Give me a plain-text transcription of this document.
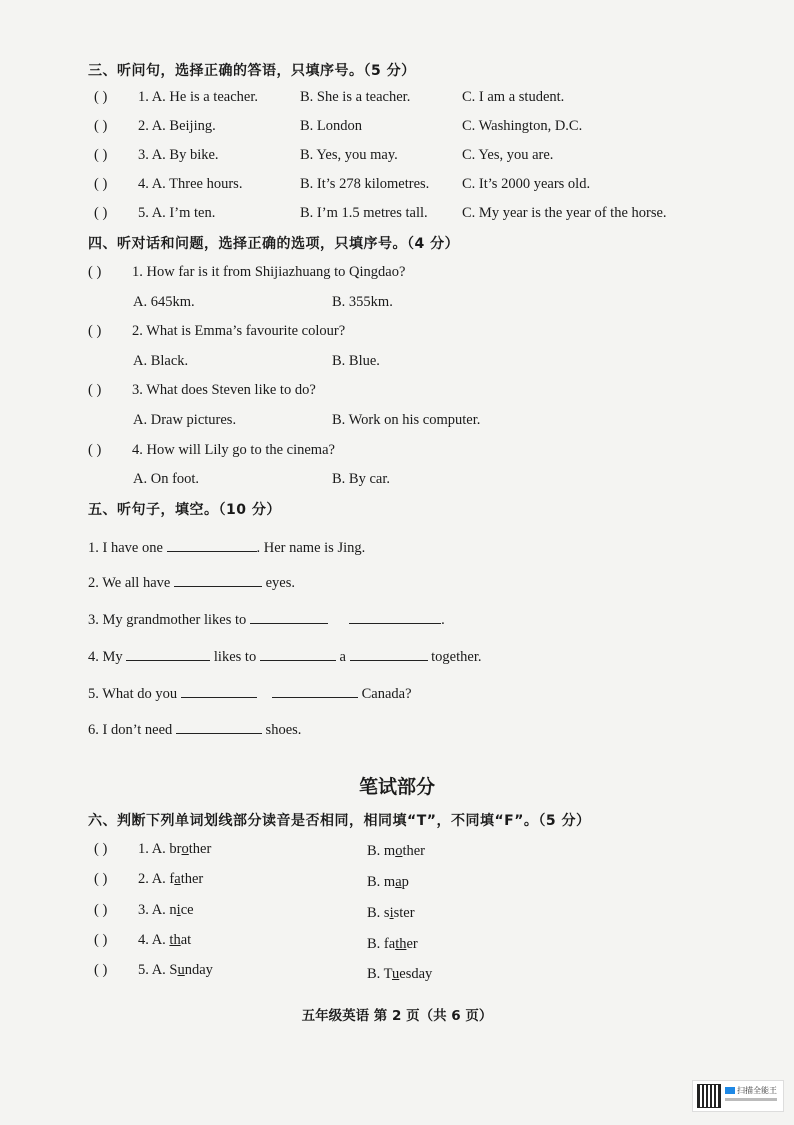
三、听问句，选择正确的答语，只填序号。（5 分）
( ) 1. A. He is a teacher.	B. She is a teacher.	C. I am a student.
( ) 2. A. Beijing.	B. London	C. Washington, D.C.
( ) 3. A. By bike.	B. Yes, you may.	C. Yes, you are.
( ) 4. A. Three hours.	B. It’s 278 kilometres. C. It’s 2000 years old.
( ) 5. A. I’m ten.	B. I’m 1.5 metres tall. C. My year is the year of the horse.
四、听对话和问题，选择正确的选项，只填序号。（4 分）
( ) 1. How far is it from Shijiazhuang to Qingdao?
A. 645km.	B. 355km.
( ) 2. What is Emma’s favourite colour?
A. Black.	B. Blue.
( ) 3. What does Steven like to do?
A. Draw pictures.	B. Work on his computer.
( ) 4. How will Lily go to the cinema?
A. On foot.	B. By car.
五、听句子，填空。（10 分）
1. I have one	. Her name is Jing.
2. We all have	eyes.
3. My grandmother likes to	.
4. My	likes to	a	together.
5. What do you	Canada?
6. I don’t need	shoes.
笔试部分
六、判断下列单词划线部分读音是否相同，相同填“T”，不同填“F”。（5 分）
( ) 1. A. brother	B. mother
( ) 2. A. father	B. map
( ) 3. A. nice	B. sister
( ) 4. A. that	B. father
( ) 5. A. Sunday	B. Tuesday
五年级英语 第 2 页（共 6 页）
扫描全能王
